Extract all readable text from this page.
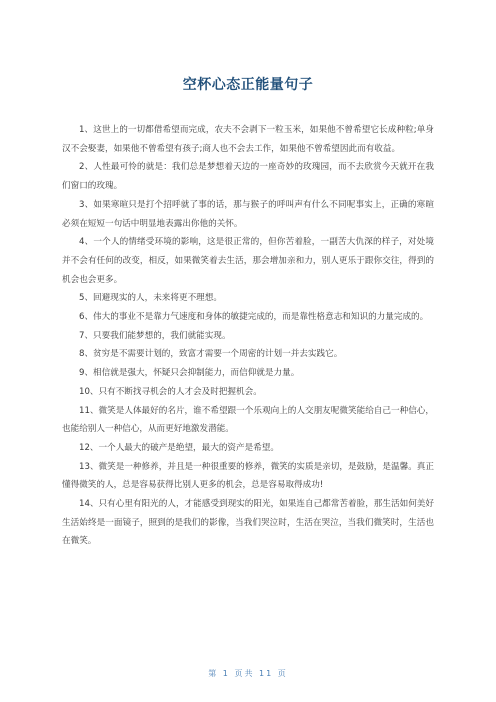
空杯心态正能量句子

1、这世上的一切都借希望而完成，农夫不会剥下一粒玉米，如果他不曾希望它长成种粒;单身汉不会娶妻，如果他不曾希望有孩子;商人也不会去工作，如果他不曾希望因此而有收益。

2、人性最可怜的就是：我们总是梦想着天边的一座奇妙的玫瑰园，而不去欣赏今天就开在我们窗口的玫瑰。

3、如果寒暄只是打个招呼就了事的话，那与猴子的呼叫声有什么不同呢事实上，正确的寒暄必须在短短一句话中明显地表露出你他的关怀。

4、一个人的情绪受环境的影响，这是很正常的，但你苦着脸，一副苦大仇深的样子，对处境并不会有任何的改变，相反，如果微笑着去生活，那会增加亲和力，别人更乐于跟你交往，得到的机会也会更多。

5、回避现实的人，未来将更不理想。

6、伟大的事业不是靠力气速度和身体的敏捷完成的，而是靠性格意志和知识的力量完成的。

7、只要我们能梦想的，我们就能实现。

8、贫穷是不需要计划的，致富才需要一个周密的计划一并去实践它。

9、相信就是强大，怀疑只会抑制能力，而信仰就是力量。

10、只有不断找寻机会的人才会及时把握机会。

11、微笑是人体最好的名片，谁不希望跟一个乐观向上的人交朋友呢微笑能给自己一种信心，也能给别人一种信心，从而更好地激发潜能。

12、一个人最大的破产是绝望，最大的资产是希望。

13、微笑是一种修养，并且是一种很重要的修养，微笑的实质是亲切，是鼓励，是温馨。真正懂得微笑的人，总是容易获得比别人更多的机会，总是容易取得成功!

14、只有心里有阳光的人，才能感受到现实的阳光，如果连自己都常苦着脸，那生活如何美好生活始终是一面镜子，照到的是我们的影像，当我们哭泣时，生活在哭泣，当我们微笑时，生活也在微笑。

第 1 页共 11 页
